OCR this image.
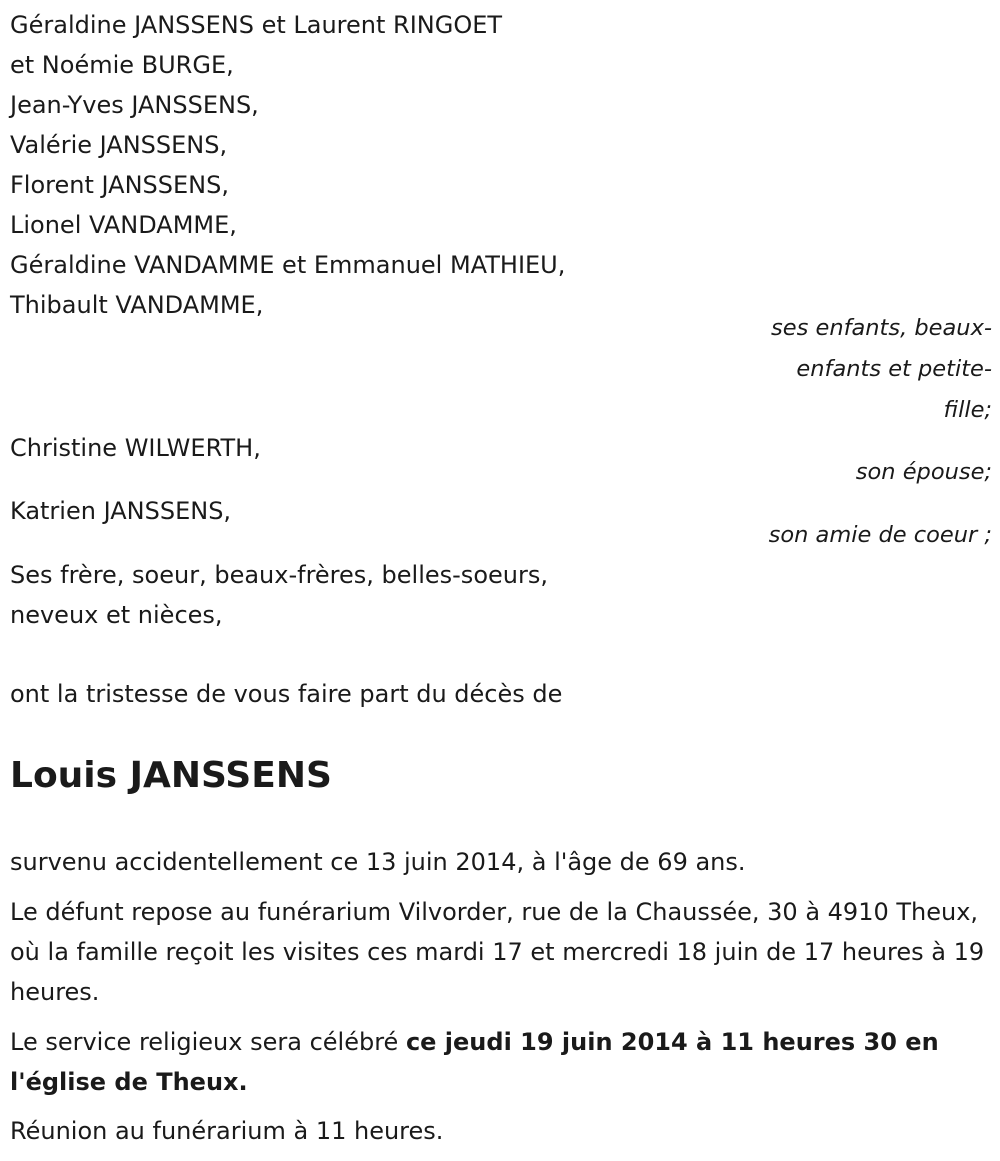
Géraldine JANSSENS et Laurent RINGOET

et Noémie BURGE,

Jean-Yves JANSSENS,

Valérie JANSSENS,

Florent JANSSENS,

Lionel VANDAMME,

Géraldine VANDAMME et Emmanuel MATHIEU,

Thibault VANDAMME,

ses enfants, beaux-

enfants et petite-

fille;

Christine WILWERTH,

son épouse;

Katrien JANSSENS,

son amie de coeur ;

Ses frère, soeur, beaux-frères, belles-soeurs,

neveux et nièces,

ont la tristesse de vous faire part du décès de

Louis JANSSENS

survenu accidentellement ce 13 juin 2014, à l'âge de 69 ans.

Le défunt repose au funérarium Vilvorder, rue de la Chaussée, 30 à 4910 Theux, où la famille reçoit les visites ces mardi 17 et mercredi 18 juin de 17 heures à 19 heures.

Le service religieux sera célébré ce jeudi 19 juin 2014 à 11 heures 30 en l'église de Theux.

Réunion au funérarium à 11 heures.
